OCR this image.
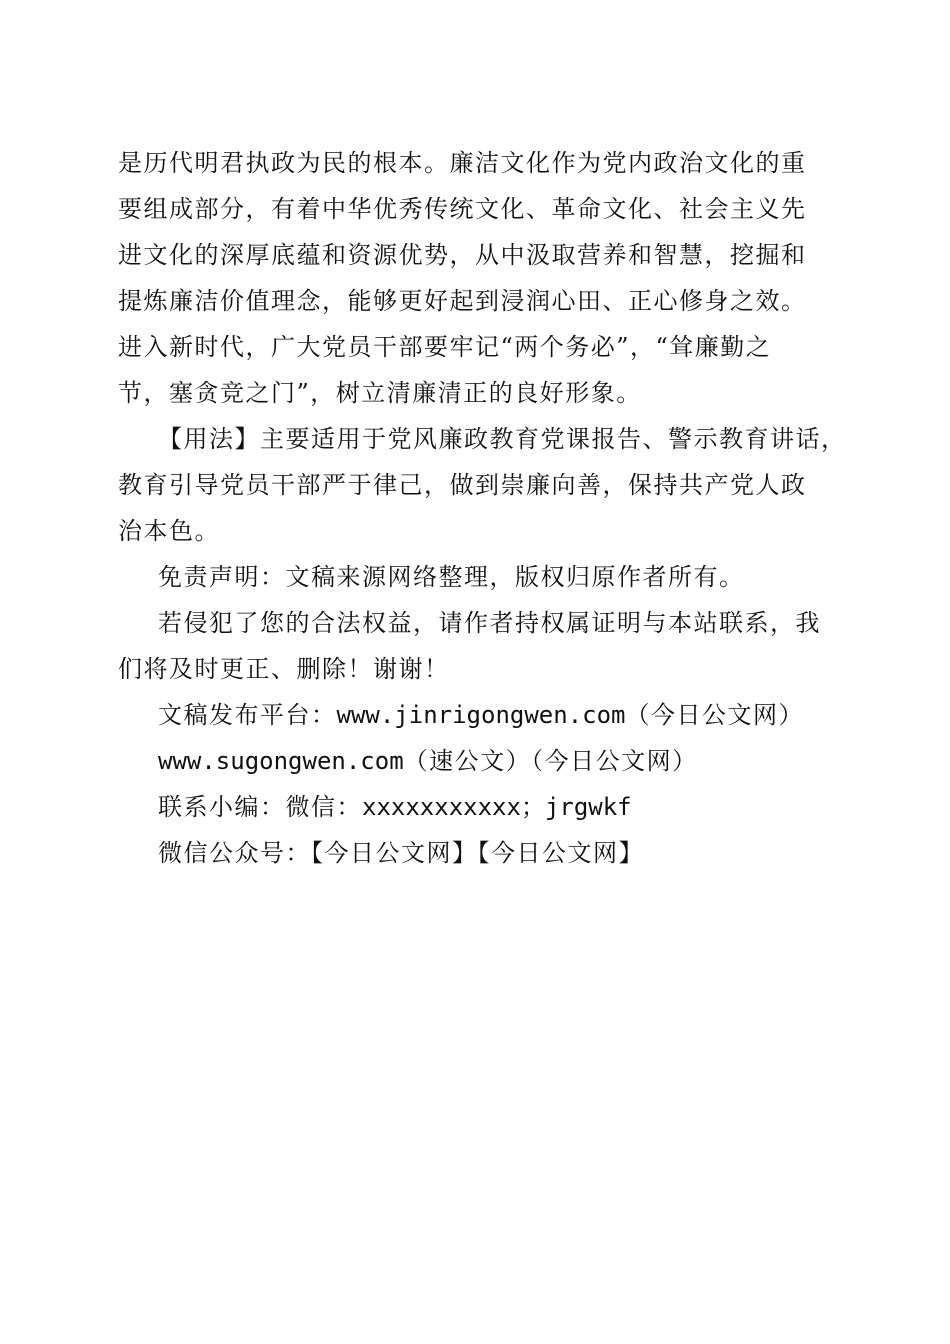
是历代明君执政为民的根本。廉洁文化作为党内政治文化的重
要组成部分，有着中华优秀传统文化、革命文化、社会主义先
进文化的深厚底蕴和资源优势，从中汲取营养和智慧，挖掘和
提炼廉洁价值理念，能够更好起到浸润心田、正心修身之效。
进入新时代，广大党员干部要牢记“两个务必”，“耸廉勤之
节，塞贪竞之门”，树立清廉清正的良好形象。
【用法】主要适用于党风廉政教育党课报告、警示教育讲话，
教育引导党员干部严于律己，做到崇廉向善，保持共产党人政
治本色。
免责声明：文稿来源网络整理，版权归原作者所有。
若侵犯了您的合法权益，请作者持权属证明与本站联系，我
们将及时更正、删除！谢谢！
文稿发布平台：www.jinrigongwen.com（今日公文网）
www.sugongwen.com（速公文）（今日公文网）
联系小编：微信：xxxxxxxxxxx；jrgwkf
微信公众号：【今日公文网】【今日公文网】
